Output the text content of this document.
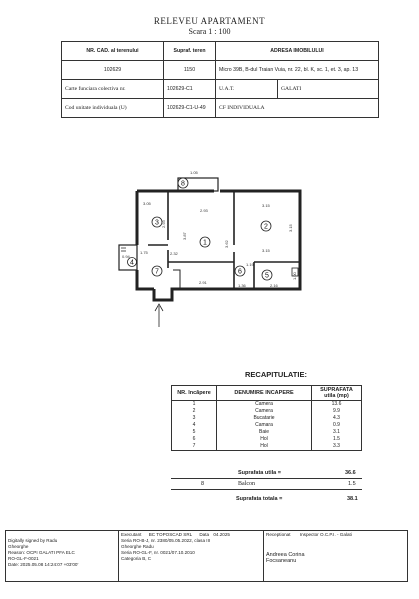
RELEVEU APARTAMENT
Scara 1 : 100
NR. CAD. al terenului	Supraf. teren	ADRESA IMOBILULUI	
102629	1150	Micro 39B, B-dul Traian Vuia, nr. 22, bl. K, sc. 1, et. 3, ap. 13	
Carte funciara colectiva nr.	102629-C1	U.A.T.	GALATI
Cod unitate individuala (U)	102629-C1-U-49	CF INDIVIDUALA	
8
1
2
3
4
5
6
7
3.05
2.93
3.87
1.05
3.15
3.62
3.15
2.93
2.91
3.15
1.75
1.36	2.16
0.94
1.00
1.19
2.32
RECAPITULATIE:
NR. încăpere	DENUMIRE INCAPERE	SUPRAFATA utila (mp)
1	Camera	13.6
2	Camera	9.9
3	Bucatarie	4.3
4	Camara	0.9
5	Baie	3.1
6	Hol	1.5
7	Hol	3.3
Suprafata utila =	36.6
8	Balcon	1.5
Suprafata totala =	38.1
Digitally signed by Radu
Gheorghe
Reason: OCPI GALATI PFA ELC
RO-GL-F-0021
Date: 2025.05.08 14:24:07 +03'00'

Executant BC TOPOSCAD SRL Data 04.2025
Seria RO-B-J, nr. 2380/05.05.2022, clasa III
Gheorghe Radu
Seria RO-GL-F, nr. 0021/07.10.2010
Categoria B, C

Receptionat Inspector O.C.P.I. - Galati
Andreea Corina
Focsaneanu
